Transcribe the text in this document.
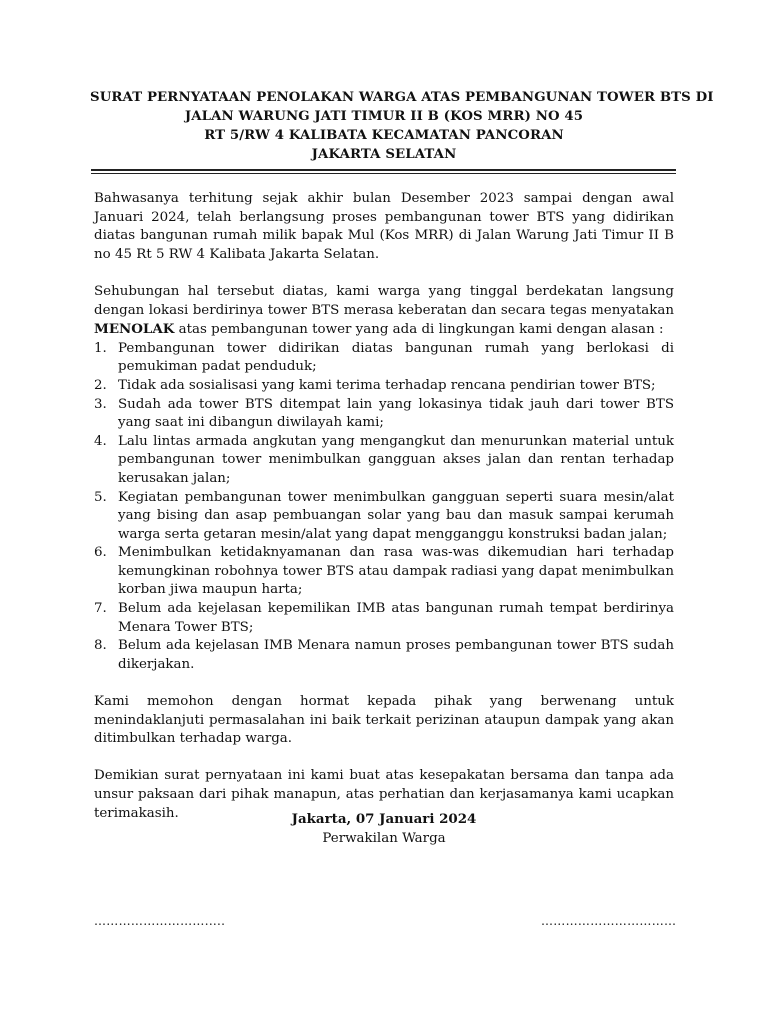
SURAT PERNYATAAN PENOLAKAN WARGA ATAS PEMBANGUNAN TOWER BTS DI
JALAN WARUNG JATI TIMUR II B (KOS MRR) NO 45
RT 5/RW 4 KALIBATA KECAMATAN PANCORAN
JAKARTA SELATAN

Bahwasanya terhitung sejak akhir bulan Desember 2023 sampai dengan awal Januari 2024, telah berlangsung proses pembangunan tower BTS yang didirikan diatas bangunan rumah milik bapak Mul (Kos MRR) di Jalan Warung Jati Timur II B no 45 Rt 5 RW 4 Kalibata Jakarta Selatan.

Sehubungan hal tersebut diatas, kami warga yang tinggal berdekatan langsung dengan lokasi berdirinya tower BTS merasa keberatan dan secara tegas menyatakan MENOLAK atas pembangunan tower yang ada di lingkungan kami dengan alasan :

1. Pembangunan tower didirikan diatas bangunan rumah yang berlokasi di pemukiman padat penduduk;
2. Tidak ada sosialisasi yang kami terima terhadap rencana pendirian tower BTS;
3. Sudah ada tower BTS ditempat lain yang lokasinya tidak jauh dari tower BTS yang saat ini dibangun diwilayah kami;
4. Lalu lintas armada angkutan yang mengangkut dan menurunkan material untuk pembangunan tower menimbulkan gangguan akses jalan dan rentan terhadap kerusakan jalan;
5. Kegiatan pembangunan tower menimbulkan gangguan seperti suara mesin/alat yang bising dan asap pembuangan solar yang bau dan masuk sampai kerumah warga serta getaran mesin/alat yang dapat mengganggu konstruksi badan jalan;
6. Menimbulkan ketidaknyamanan dan rasa was-was dikemudian hari terhadap kemungkinan robohnya tower BTS atau dampak radiasi yang dapat menimbulkan korban jiwa maupun harta;
7. Belum ada kejelasan kepemilikan IMB atas bangunan rumah tempat berdirinya Menara Tower BTS;
8. Belum ada kejelasan IMB Menara namun proses pembangunan tower BTS sudah dikerjakan.

Kami memohon dengan hormat kepada pihak yang berwenang untuk menindaklanjuti permasalahan ini baik terkait perizinan ataupun dampak yang akan ditimbulkan terhadap warga.

Demikian surat pernyataan ini kami buat atas kesepakatan bersama dan tanpa ada unsur paksaan dari pihak manapun, atas perhatian dan kerjasamanya kami ucapkan terimakasih.	Jakarta, 07 Januari 2024
Perwakilan Warga
……………………….....	……………………………
